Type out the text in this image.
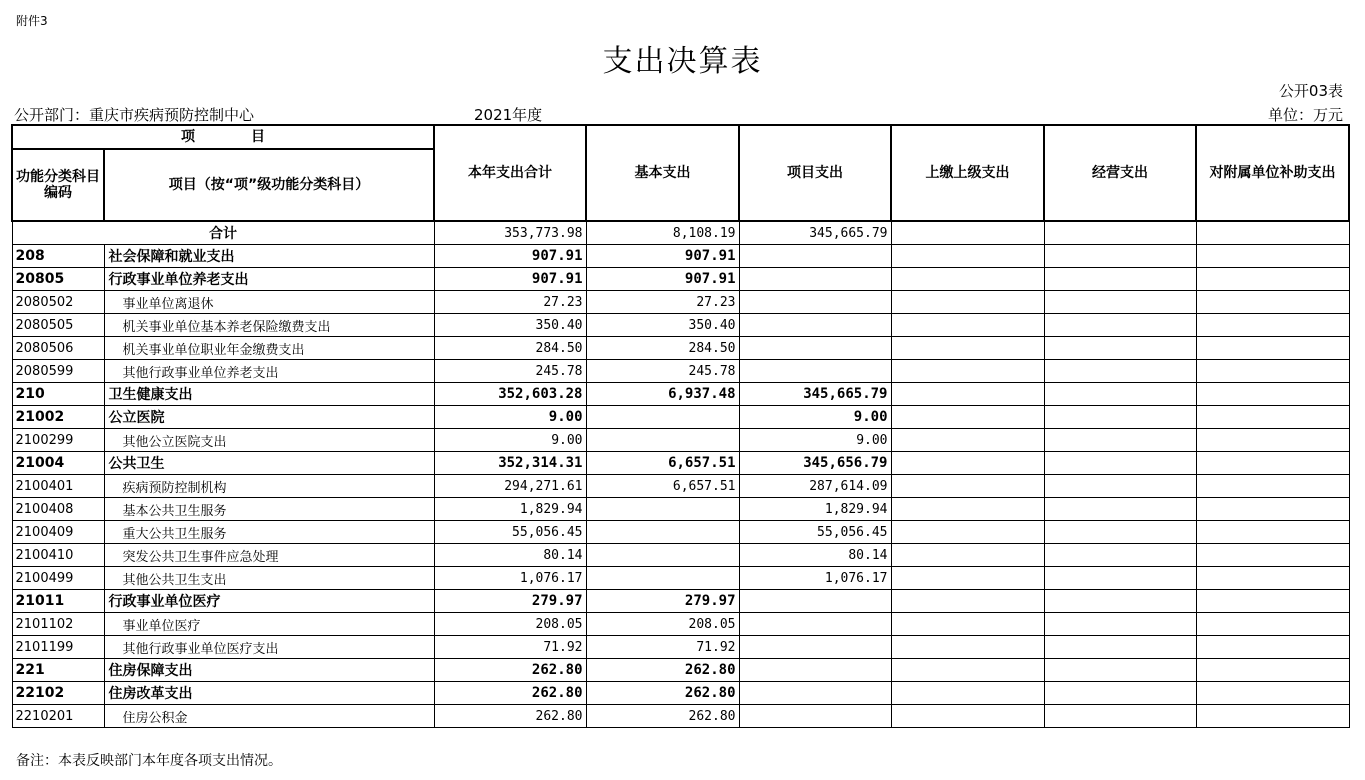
附件3
支出决算表
公开03表
公开部门：重庆市疾病预防控制中心	2021年度	单位：万元
项　　　　目		本年支出合计	基本支出	项目支出	上缴上级支出	经营支出	对附属单位补助支出
功能分类科目编码	项目（按“项”级功能分类科目）						
合计		353,773.98	8,108.19	345,665.79			
208	社会保障和就业支出	907.91	907.91				
20805	行政事业单位养老支出	907.91	907.91				
2080502	事业单位离退休	27.23	27.23				
2080505	机关事业单位基本养老保险缴费支出	350.40	350.40				
2080506	机关事业单位职业年金缴费支出	284.50	284.50				
2080599	其他行政事业单位养老支出	245.78	245.78				
210	卫生健康支出	352,603.28	6,937.48	345,665.79			
21002	公立医院	9.00		9.00			
2100299	其他公立医院支出	9.00		9.00			
21004	公共卫生	352,314.31	6,657.51	345,656.79			
2100401	疾病预防控制机构	294,271.61	6,657.51	287,614.09			
2100408	基本公共卫生服务	1,829.94		1,829.94			
2100409	重大公共卫生服务	55,056.45		55,056.45			
2100410	突发公共卫生事件应急处理	80.14		80.14			
2100499	其他公共卫生支出	1,076.17		1,076.17			
21011	行政事业单位医疗	279.97	279.97				
2101102	事业单位医疗	208.05	208.05				
2101199	其他行政事业单位医疗支出	71.92	71.92				
221	住房保障支出	262.80	262.80				
22102	住房改革支出	262.80	262.80				
2210201	住房公积金	262.80	262.80				
备注：本表反映部门本年度各项支出情况。
